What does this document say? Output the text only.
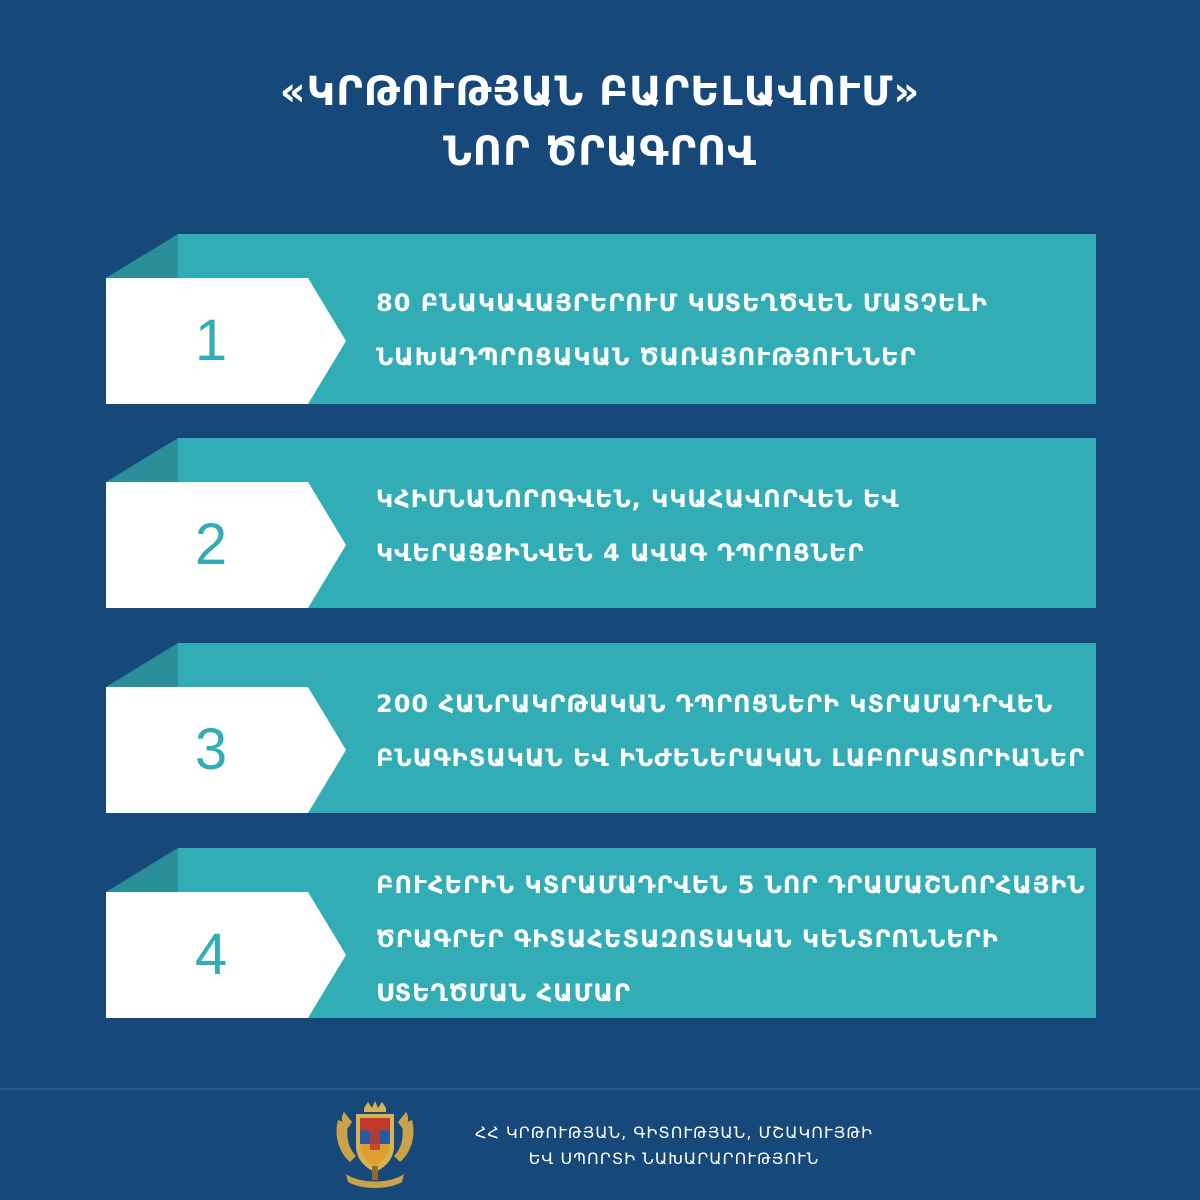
«ԿՐԹՈՒԹՅԱՆ ԲԱՐԵԼԱՎՈՒՄ»
ՆՈՐ ԾՐԱԳՐՈՎ
1
80 ԲՆԱԿԱՎԱՅՐԵՐՈՒՄ ԿՍՏԵՂԾՎԵՆ ՄԱՏՉԵԼԻ
ՆԱԽԱԴՊՐՈՑԱԿԱՆ ԾԱՌԱՅՈՒԹՅՈՒՆՆԵՐ
2
ԿՀԻՄՆԱՆՈՐՈԳՎԵՆ, ԿԿԱՀԱՎՈՐՎԵՆ ԵՎ
ԿՎԵՐԱՑՔԻՆՎԵՆ 4 ԱՎԱԳ ԴՊՐՈՑՆԵՐ
3
200 ՀԱՆՐԱԿՐԹԱԿԱՆ ԴՊՐՈՑՆԵՐԻ ԿՏՐԱՄԱԴՐՎԵՆ
ԲՆԱԳԻՏԱԿԱՆ ԵՎ ԻՆԺԵՆԵՐԱԿԱՆ ԼԱԲՈՐԱՏՈՐԻԱՆԵՐ
4
ԲՈՒՀԵՐԻՆ ԿՏՐԱՄԱԴՐՎԵՆ 5 ՆՈՐ ԴՐԱՄԱՇՆՈՐՀԱՅԻՆ
ԾՐԱԳՐԵՐ ԳԻՏԱՀԵՏԱԶՈՏԱԿԱՆ ԿԵՆՏՐՈՆՆԵՐԻ
ՍՏԵՂԾՄԱՆ ՀԱՄԱՐ
ՀՀ ԿՐԹՈՒԹՅԱՆ, ԳԻՏՈՒԹՅԱՆ, ՄՇԱԿՈՒՅԹԻ
ԵՎ ՍՊՈՐՏԻ ՆԱԽԱՐԱՐՈՒԹՅՈՒՆ
